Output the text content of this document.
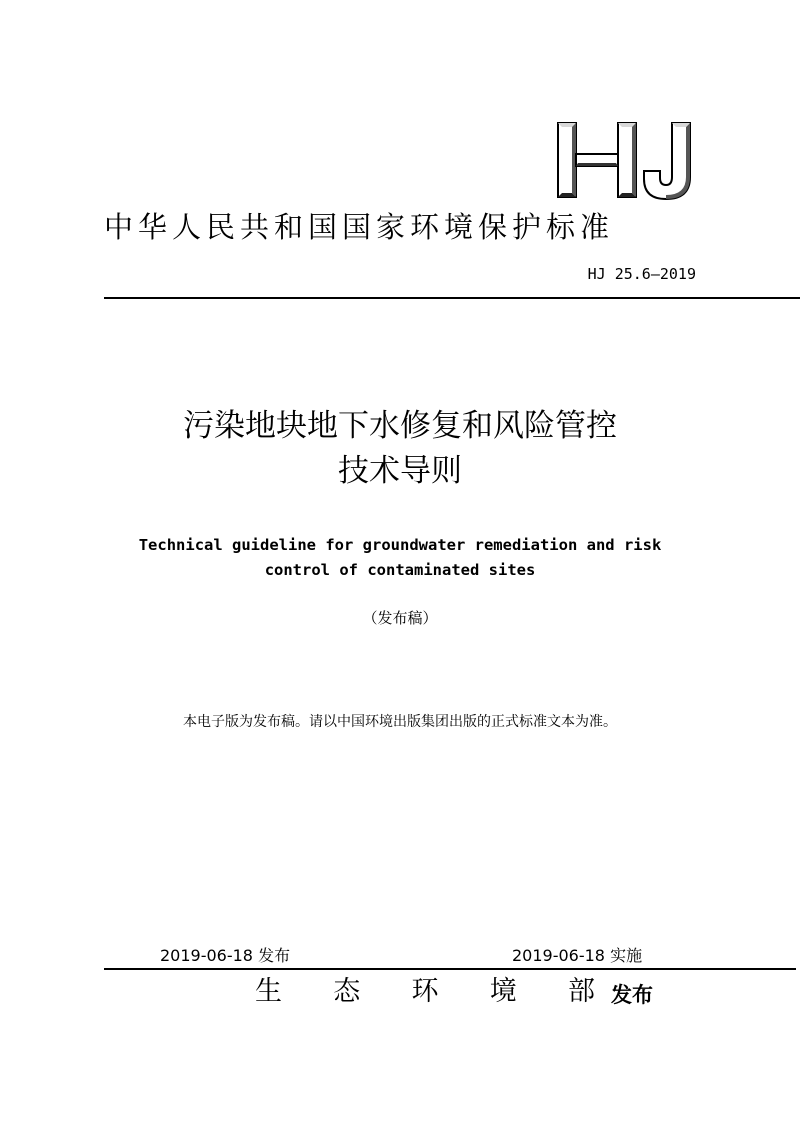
中华人民共和国国家环境保护标准
HJ 25.6—2019
污染地块地下水修复和风险管控
技术导则
Technical guideline for groundwater remediation and risk
control of contaminated sites
（发布稿）
本电子版为发布稿。请以中国环境出版集团出版的正式标准文本为准。
2019-06-18 发布	2019-06-18 实施
生 态 环 境 部 发布
